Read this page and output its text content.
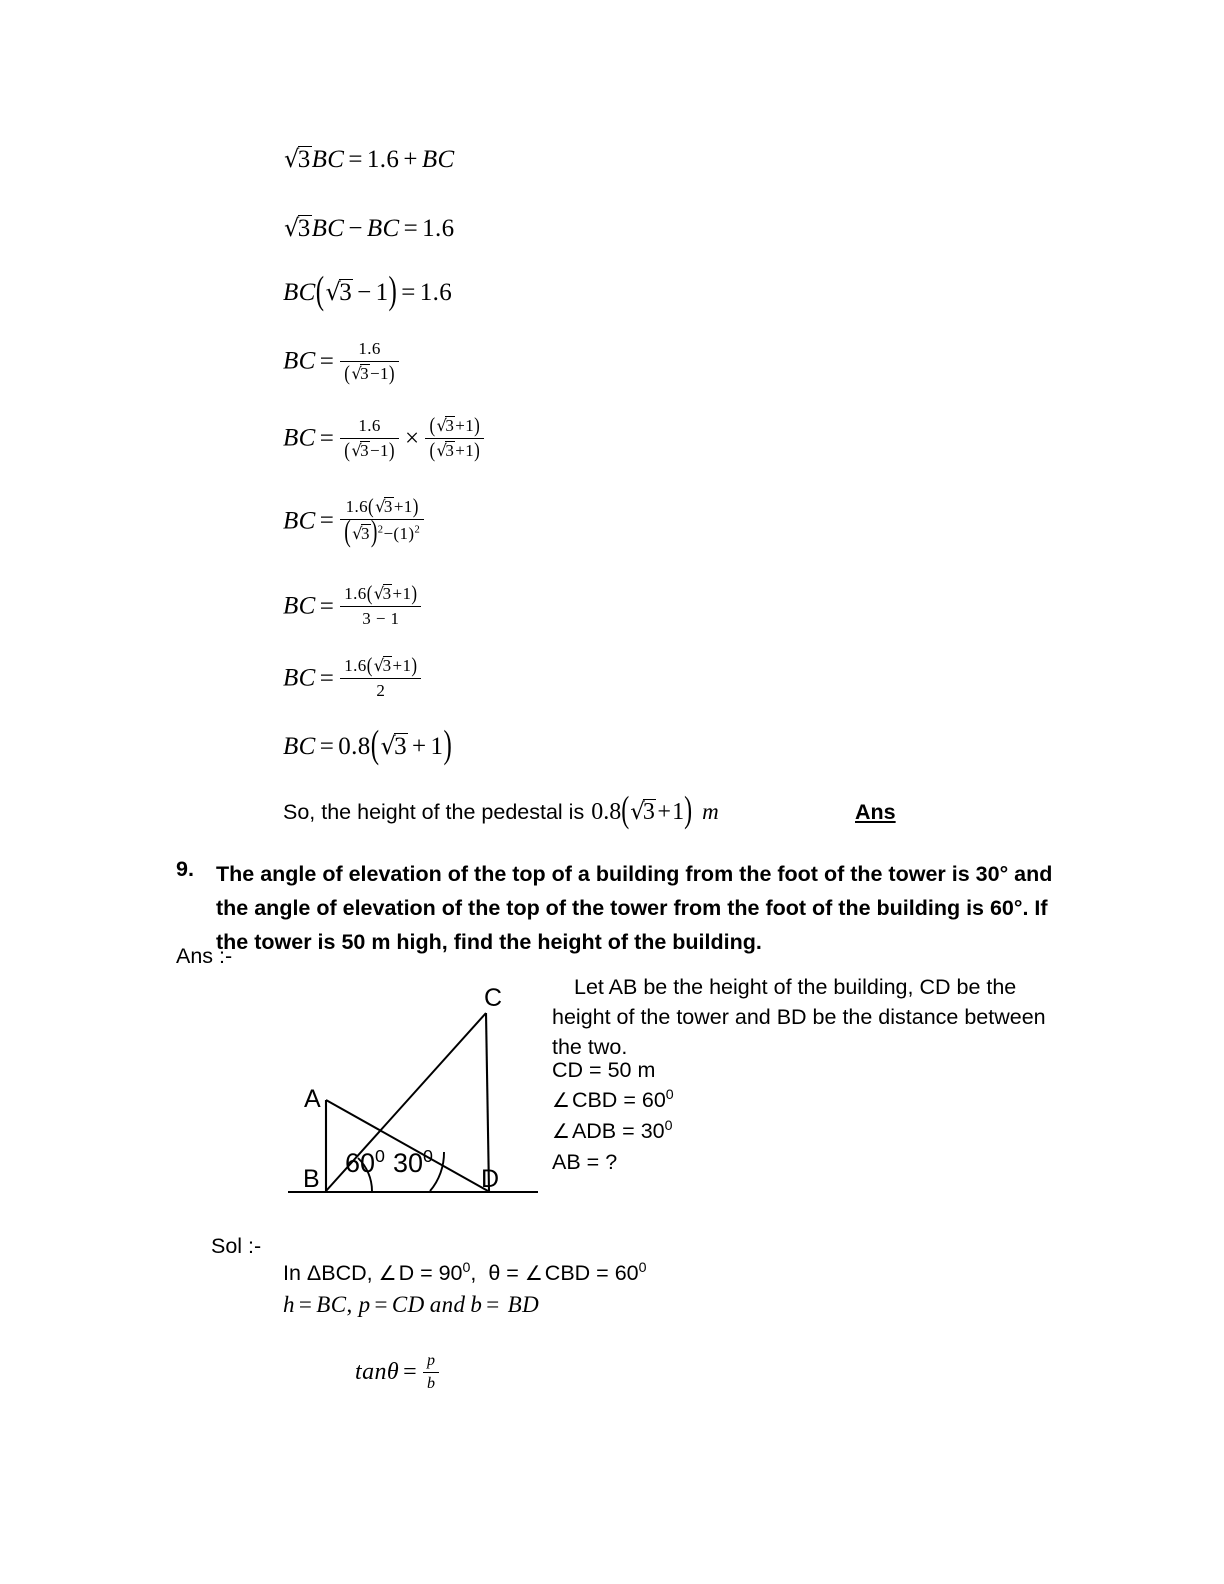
√3BC = 1.6 + BC
√3BC − BC = 1.6
BC(√3 − 1) = 1.6
BC = $\frac{1.6}{(√3-1)}$
BC = $\frac{1.6}{(√3-1)} \times \frac{(√3+1)}{(√3+1)}$
BC = $\frac{1.6(√3+1)}{(√3)^2-(1)^2}$
BC = $\frac{1.6(√3+1)}{3 - 1}$
BC = $\frac{1.6(√3+1)}{2}$
BC = 0.8(√3 + 1)
So, the height of the pedestal is 0.8(√3+1) m	Ans
9. The angle of elevation of the top of a building from the foot of the tower is 30° and the angle of elevation of the top of the tower from the foot of the building is 60°. If the tower is 50 m high, find the height of the building.
Ans :-
A
B
C
D
$60^0$ $30^0$
Let AB be the height of the building, CD be the height of the tower and BD be the distance between the two.
CD = 50 m
∠CBD = $60^0$
∠ADB = $30^0$
AB = ?
Sol :-
In ΔBCD, ∠D = $90^0$, θ = ∠CBD = $60^0$
h = BC, p = CD and b = BD
$\tan\theta = \frac{p}{b}$
